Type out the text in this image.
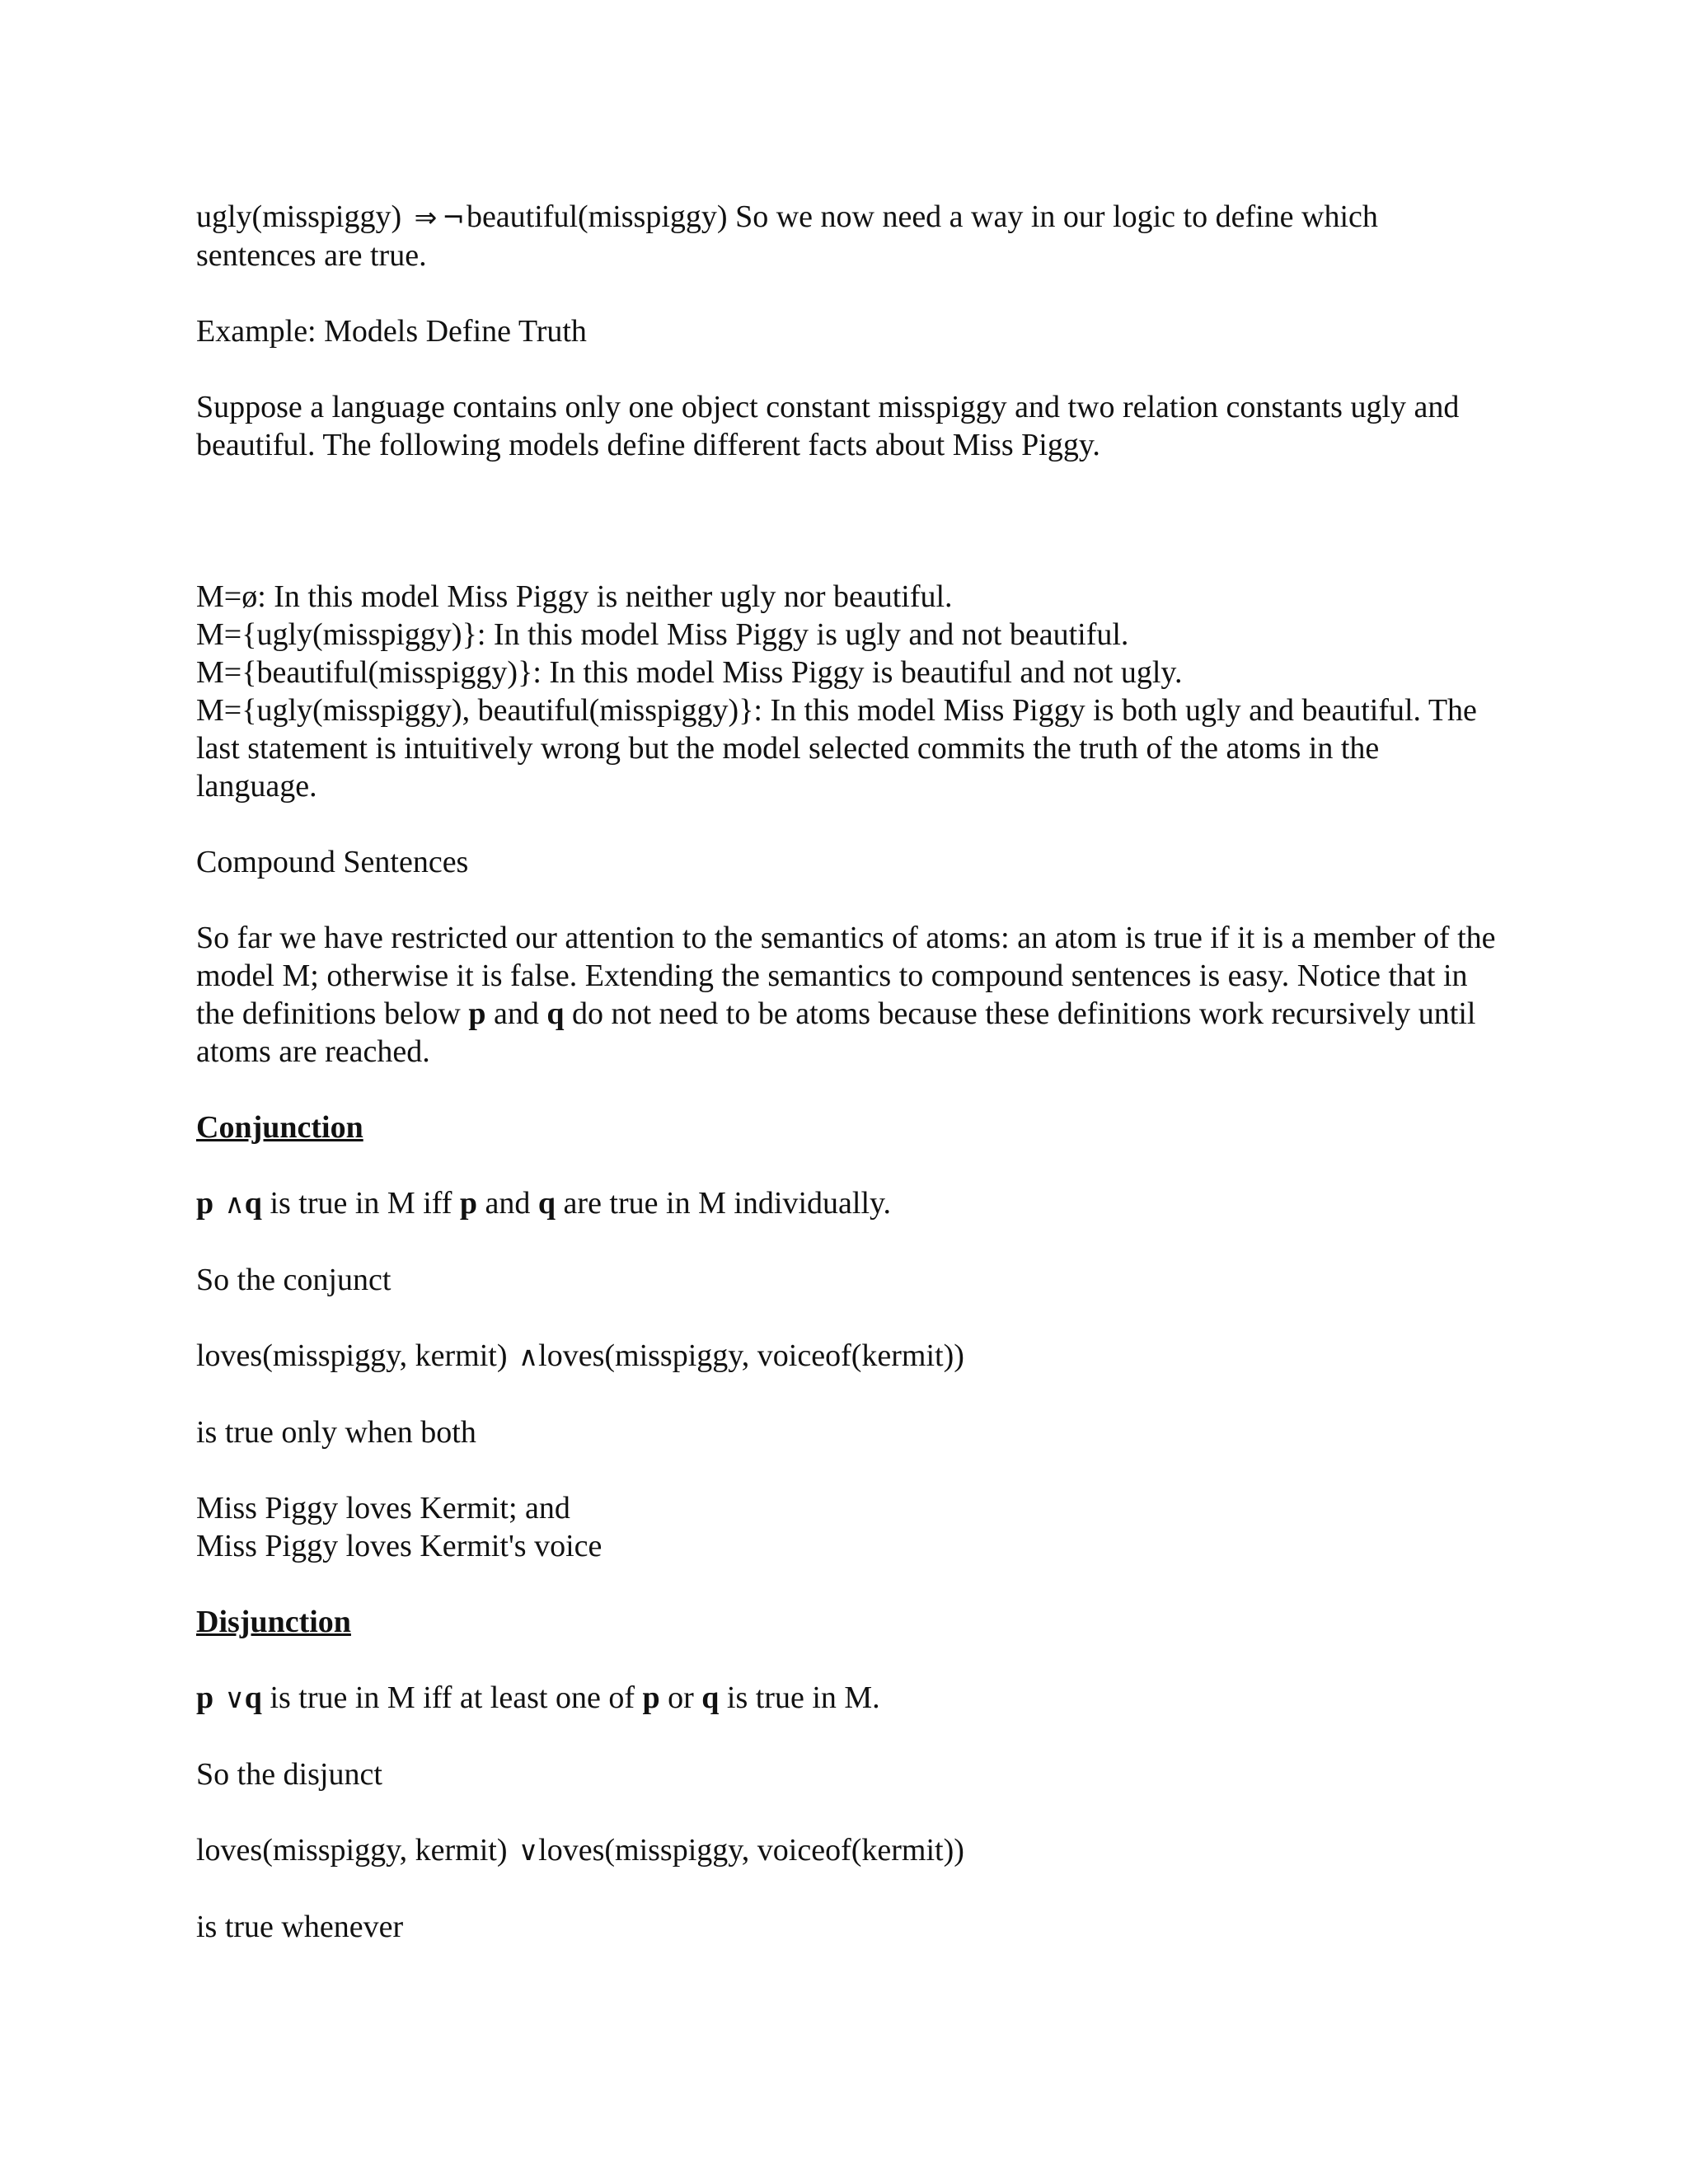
ugly(misspiggy) ⇒ ¬beautiful(misspiggy) So we now need a way in our logic to define which sentences are true.

Example: Models Define Truth

Suppose a language contains only one object constant misspiggy and two relation constants ugly and beautiful. The following models define different facts about Miss Piggy.

M=ø: In this model Miss Piggy is neither ugly nor beautiful.
M={ugly(misspiggy)}: In this model Miss Piggy is ugly and not beautiful.
M={beautiful(misspiggy)}: In this model Miss Piggy is beautiful and not ugly.
M={ugly(misspiggy), beautiful(misspiggy)}: In this model Miss Piggy is both ugly and beautiful. The last statement is intuitively wrong but the model selected commits the truth of the atoms in the language.

Compound Sentences

So far we have restricted our attention to the semantics of atoms: an atom is true if it is a member of the model M; otherwise it is false. Extending the semantics to compound sentences is easy. Notice that in the definitions below p and q do not need to be atoms because these definitions work recursively until atoms are reached.

Conjunction

p ∧q is true in M iff p and q are true in M individually.

So the conjunct

loves(misspiggy, kermit) ∧loves(misspiggy, voiceof(kermit))

is true only when both

Miss Piggy loves Kermit; and
Miss Piggy loves Kermit's voice

Disjunction

p ∨q is true in M iff at least one of p or q is true in M.

So the disjunct

loves(misspiggy, kermit) ∨loves(misspiggy, voiceof(kermit))

is true whenever
